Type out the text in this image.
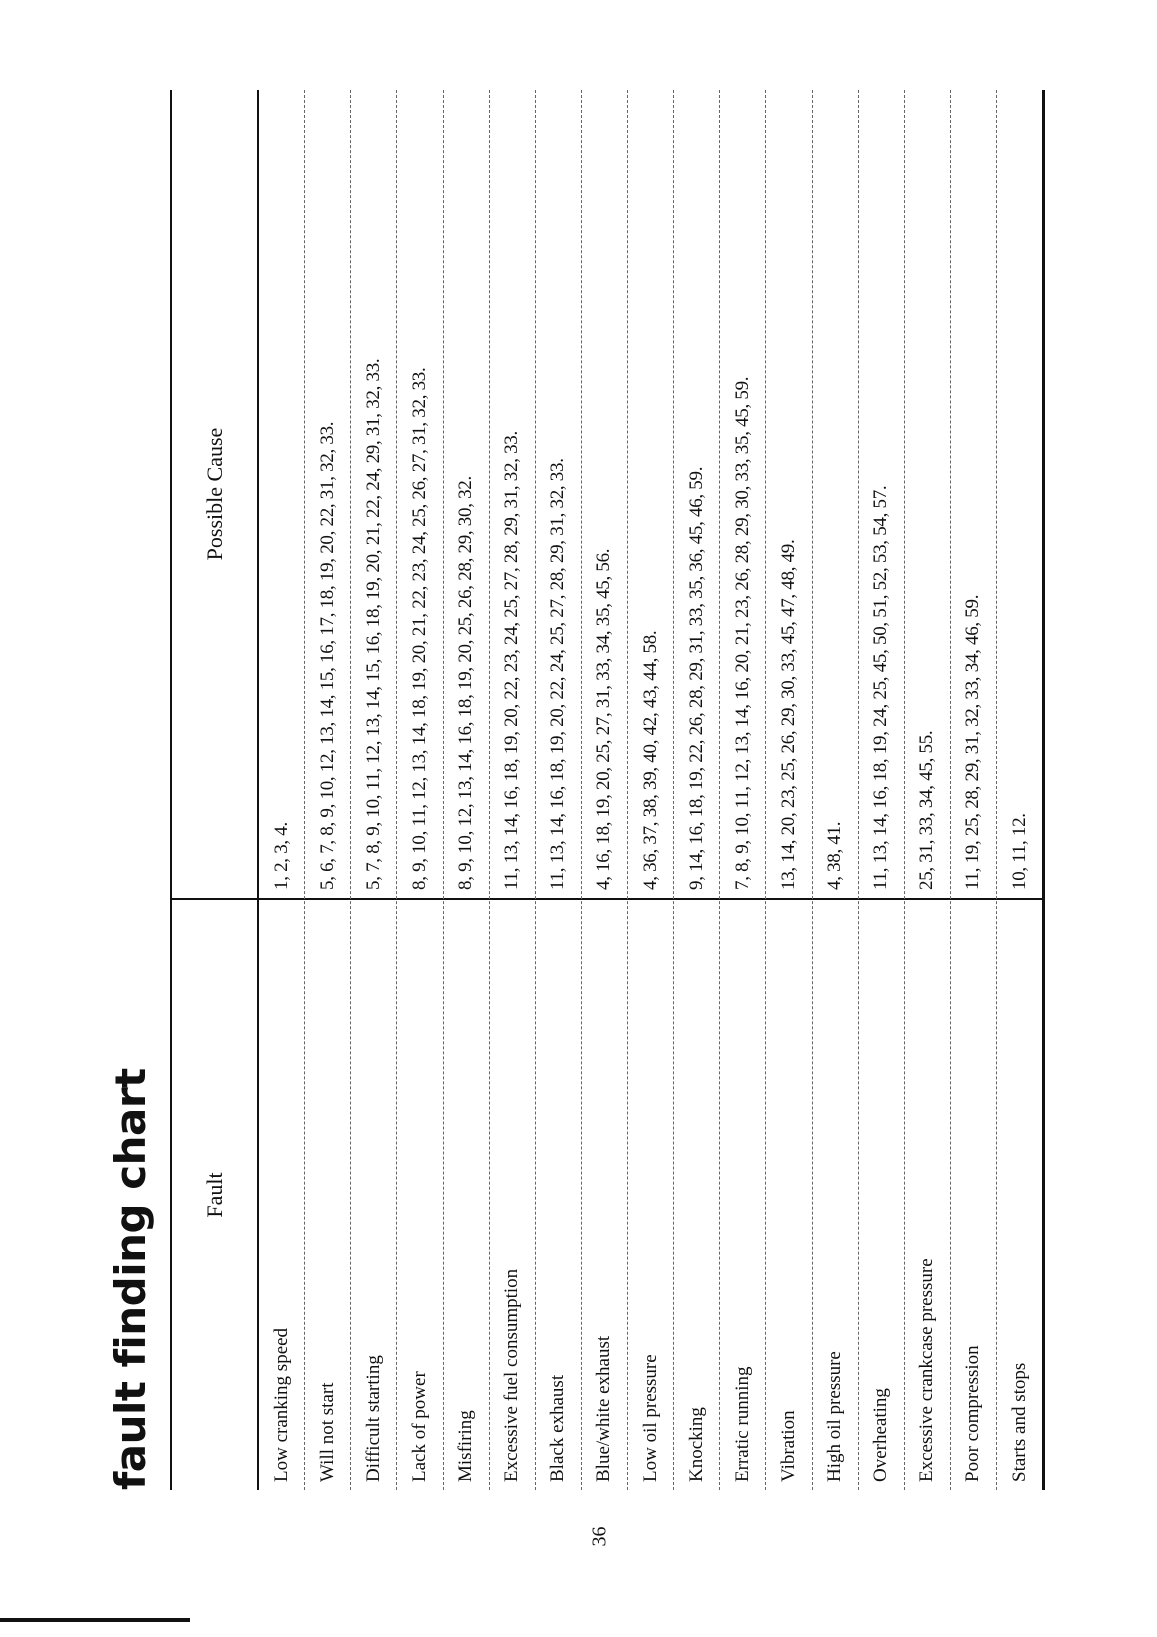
fault finding chart	Fault
Possible Cause
Low cranking speed
1, 2, 3, 4.
Will not start
5, 6, 7, 8, 9, 10, 12, 13, 14, 15, 16, 17, 18, 19, 20, 22, 31, 32, 33.
Difficult starting
5, 7, 8, 9, 10, 11, 12, 13, 14, 15, 16, 18, 19, 20, 21, 22, 24, 29, 31, 32, 33.
Lack of power
8, 9, 10, 11, 12, 13, 14, 18, 19, 20, 21, 22, 23, 24, 25, 26, 27, 31, 32, 33.
Misfiring
8, 9, 10, 12, 13, 14, 16, 18, 19, 20, 25, 26, 28, 29, 30, 32.
Excessive fuel consumption
11, 13, 14, 16, 18, 19, 20, 22, 23, 24, 25, 27, 28, 29, 31, 32, 33.
Black exhaust
11, 13, 14, 16, 18, 19, 20, 22, 24, 25, 27, 28, 29, 31, 32, 33.
Blue/white exhaust
4, 16, 18, 19, 20, 25, 27, 31, 33, 34, 35, 45, 56.
Low oil pressure
4, 36, 37, 38, 39, 40, 42, 43, 44, 58.
Knocking
9, 14, 16, 18, 19, 22, 26, 28, 29, 31, 33, 35, 36, 45, 46, 59.
Erratic running
7, 8, 9, 10, 11, 12, 13, 14, 16, 20, 21, 23, 26, 28, 29, 30, 33, 35, 45, 59.
Vibration
13, 14, 20, 23, 25, 26, 29, 30, 33, 45, 47, 48, 49.
High oil pressure
4, 38, 41.
Overheating
11, 13, 14, 16, 18, 19, 24, 25, 45, 50, 51, 52, 53, 54, 57.
Excessive crankcase pressure
25, 31, 33, 34, 45, 55.
Poor compression
11, 19, 25, 28, 29, 31, 32, 33, 34, 46, 59.
Starts and stops
10, 11, 12.
36
